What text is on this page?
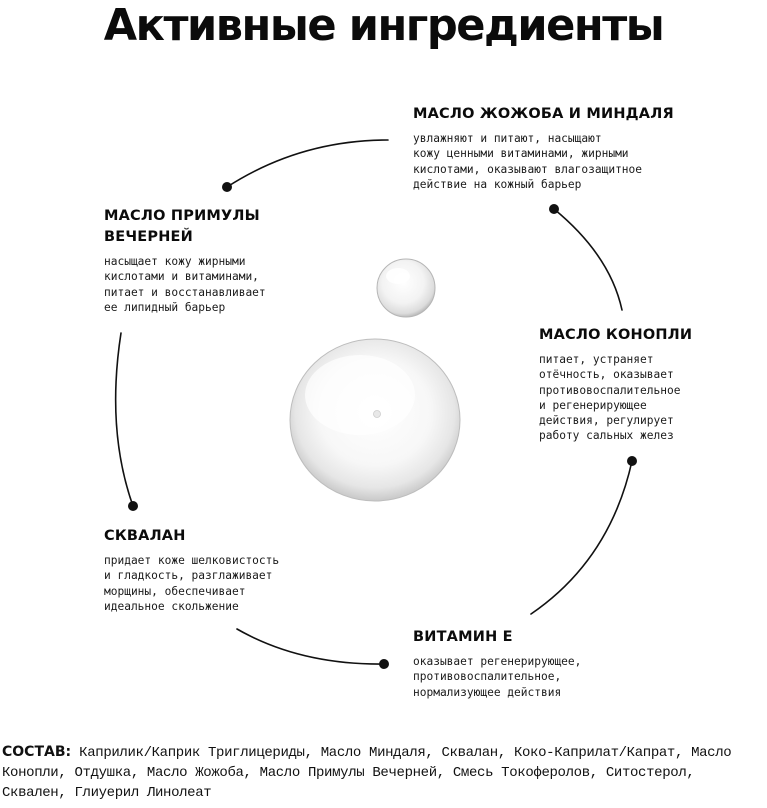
Активные ингредиенты
МАСЛО ЖОЖОБА И МИНДАЛЯ
увлажняют и питают, насыщают
кожу ценными витаминами, жирными
кислотами, оказывают влагозащитное
действие на кожный барьер
МАСЛО ПРИМУЛЫ
ВЕЧЕРНЕЙ
насыщает кожу жирными
кислотами и витаминами,
питает и восстанавливает
ее липидный барьер
МАСЛО КОНОПЛИ
питает, устраняет
отёчность, оказывает
противовоспалительное
и регенерирующее
действия, регулирует
работу сальных желез
СКВАЛАН
придает коже шелковистость
и гладкость, разглаживает
морщины, обеспечивает
идеальное скольжение
ВИТАМИН Е
оказывает регенерирующее,
противовоспалительное,
нормализующее действия
СОСТАВ: Каприлик/Каприк Триглицериды, Масло Миндаля, Сквалан, Коко-Каприлат/Капрат, Масло Конопли, Отдушка, Масло Жожоба, Масло Примулы Вечерней, Смесь Токоферолов, Ситостерол, Сквален, Глиуерил Линолеат
